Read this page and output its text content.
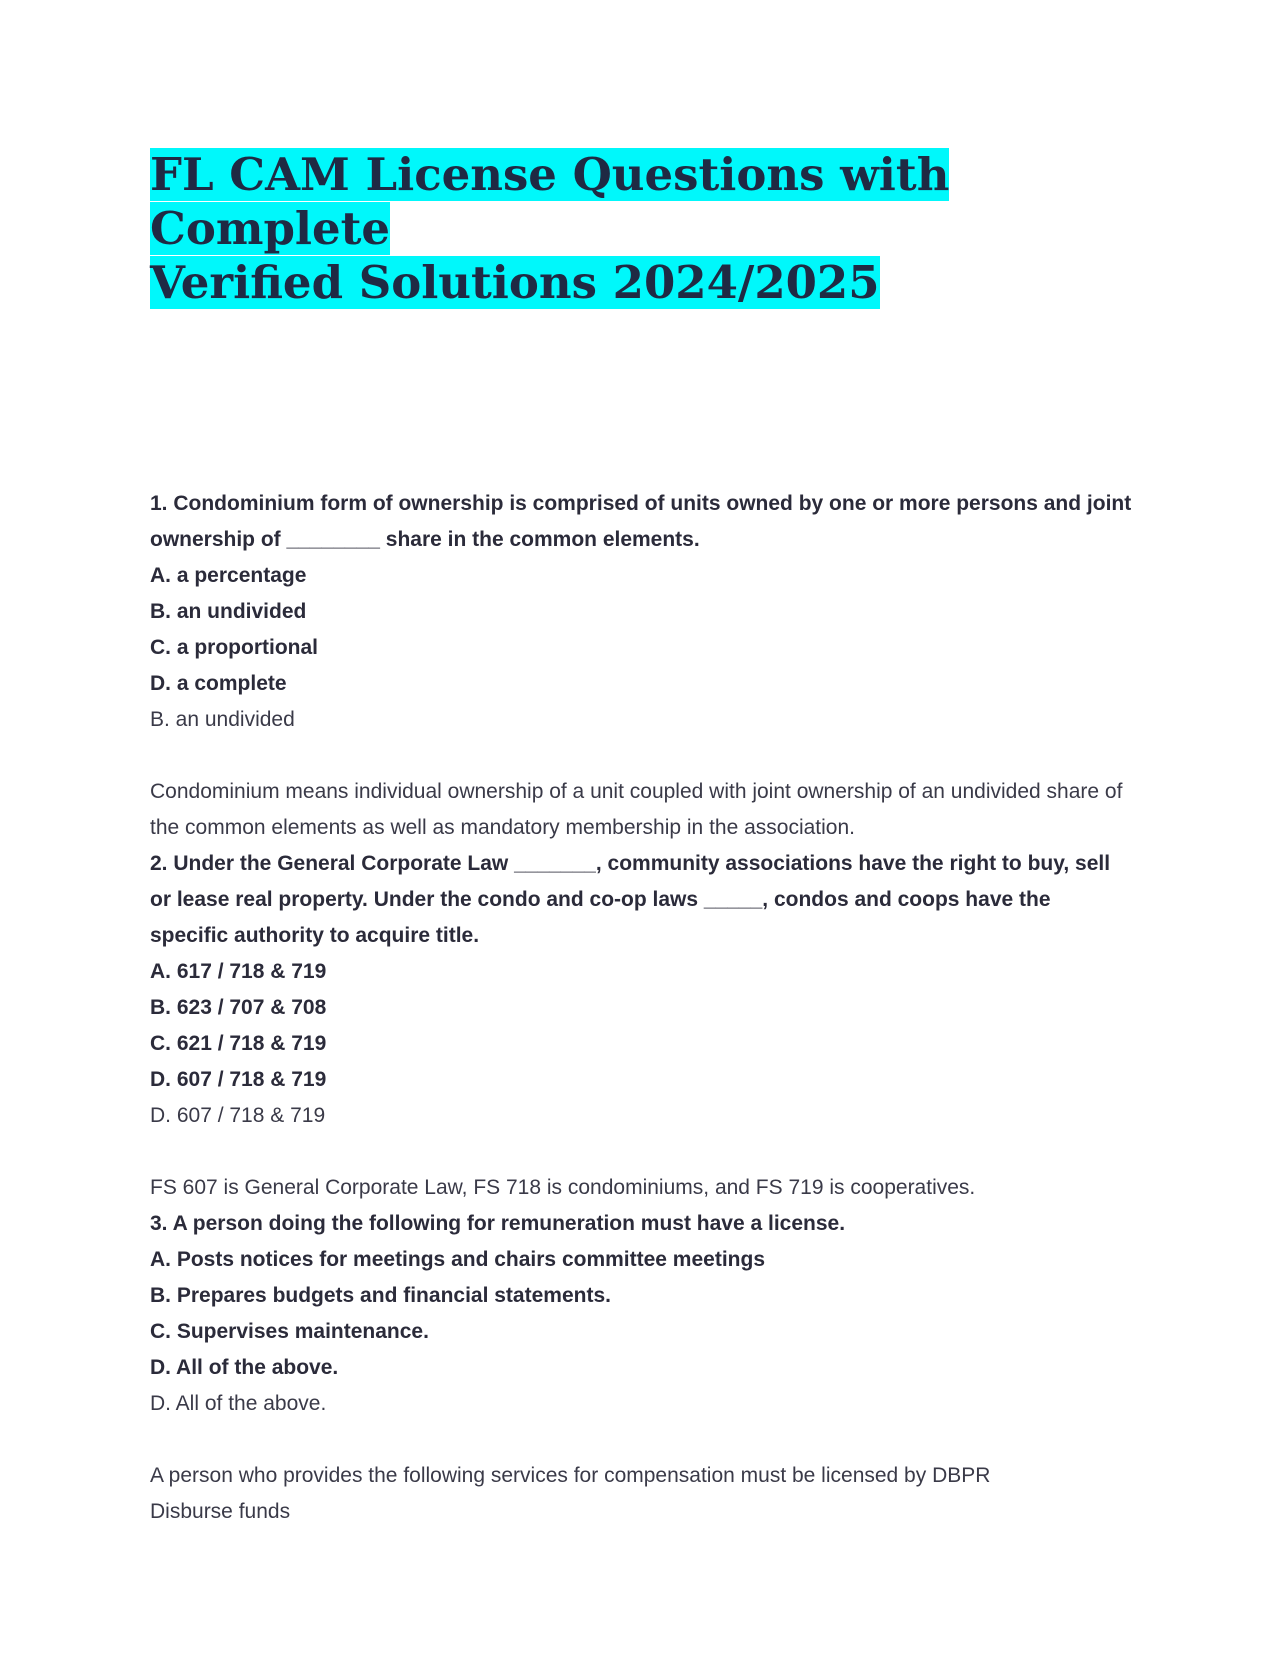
FL CAM License Questions with Complete
Verified Solutions 2024/2025

1. Condominium form of ownership is comprised of units owned by one or more persons and joint

ownership of ________ share in the common elements.

A. a percentage

B. an undivided

C. a proportional

D. a complete

B. an undivided

Condominium means individual ownership of a unit coupled with joint ownership of an undivided share of

the common elements as well as mandatory membership in the association.

2. Under the General Corporate Law _______, community associations have the right to buy, sell

or lease real property. Under the condo and co-op laws _____, condos and coops have the

specific authority to acquire title.

A. 617 / 718 & 719

B. 623 / 707 & 708

C. 621 / 718 & 719

D. 607 / 718 & 719

D. 607 / 718 & 719

FS 607 is General Corporate Law, FS 718 is condominiums, and FS 719 is cooperatives.

3. A person doing the following for remuneration must have a license.

A. Posts notices for meetings and chairs committee meetings

B. Prepares budgets and financial statements.

C. Supervises maintenance.

D. All of the above.

D. All of the above.

A person who provides the following services for compensation must be licensed by DBPR

Disburse funds
